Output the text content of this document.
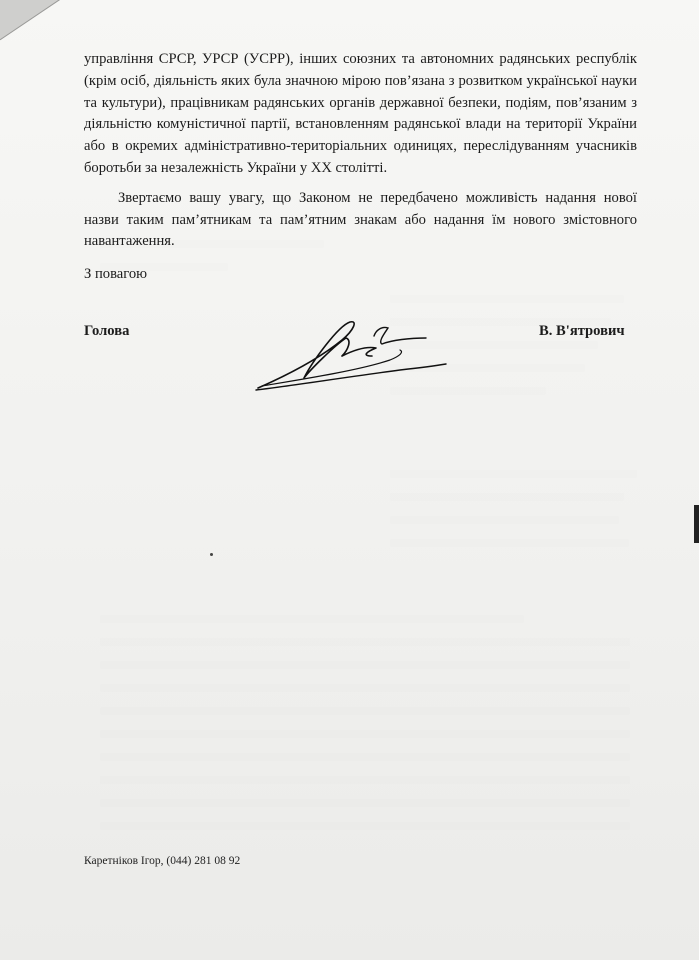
управління СРСР, УРСР (УСРР), інших союзних та автономних радянських республік (крім осіб, діяльність яких була значною мірою пов’язана з розвитком української науки та культури), працівникам радянських органів державної безпеки, подіям, пов’язаним з діяльністю комуністичної партії, встановленням радянської влади на території України або в окремих адміністративно-територіальних одиницях, переслідуванням учасників боротьби за незалежність України у ХХ столітті.

Звертаємо вашу увагу, що Законом не передбачено можливість надання нової назви таким пам’ятникам та пам’ятним знакам або надання їм нового змістовного навантаження.

З повагою
Голова	В. В'ятрович
Каретніков Ігор, (044) 281 08 92
